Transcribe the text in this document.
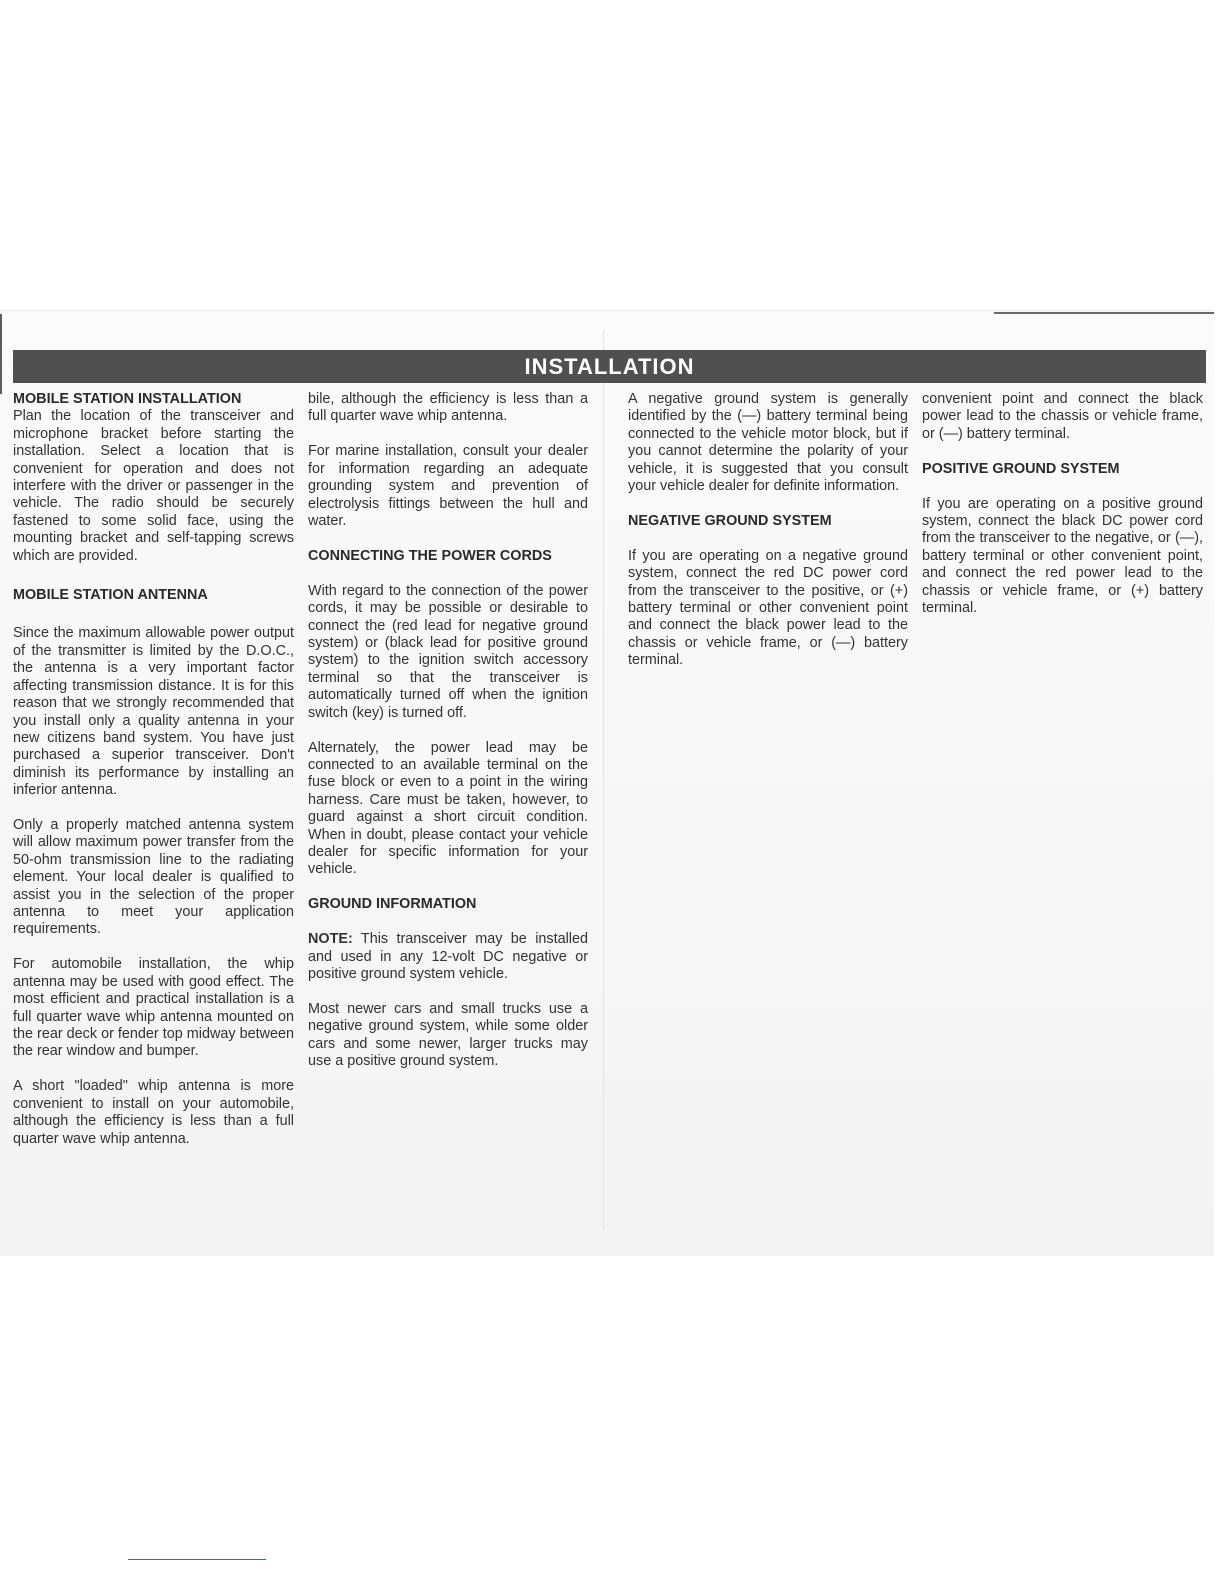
INSTALLATION
MOBILE STATION INSTALLATION

Plan the location of the transceiver and microphone bracket before starting the installation. Select a location that is convenient for operation and does not interfere with the driver or passenger in the vehicle. The radio should be securely fastened to some solid face, using the mounting bracket and self-tapping screws which are provided.

MOBILE STATION ANTENNA

Since the maximum allowable power output of the transmitter is limited by the D.O.C., the antenna is a very important factor affecting transmission distance. It is for this reason that we strongly recommended that you install only a quality antenna in your new citizens band system. You have just purchased a superior transceiver. Don't diminish its performance by installing an inferior antenna.

Only a properly matched antenna system will allow maximum power transfer from the 50-ohm transmission line to the radiating element. Your local dealer is qualified to assist you in the selection of the proper antenna to meet your application requirements.

For automobile installation, the whip antenna may be used with good effect. The most efficient and practical installation is a full quarter wave whip antenna mounted on the rear deck or fender top midway between the rear window and bumper.

A short "loaded" whip antenna is more convenient to install on your automobile, although the efficiency is less than a full quarter wave whip antenna.

bile, although the efficiency is less than a full quarter wave whip antenna.

For marine installation, consult your dealer for information regarding an adequate grounding system and prevention of electrolysis fittings between the hull and water.

CONNECTING THE POWER CORDS

With regard to the connection of the power cords, it may be possible or desirable to connect the (red lead for negative ground system) or (black lead for positive ground system) to the ignition switch accessory terminal so that the transceiver is automatically turned off when the ignition switch (key) is turned off.

Alternately, the power lead may be connected to an available terminal on the fuse block or even to a point in the wiring harness. Care must be taken, however, to guard against a short circuit condition. When in doubt, please contact your vehicle dealer for specific information for your vehicle.

GROUND INFORMATION

NOTE: This transceiver may be installed and used in any 12-volt DC negative or positive ground system vehicle.

Most newer cars and small trucks use a negative ground system, while some older cars and some newer, larger trucks may use a positive ground system.

A negative ground system is generally identified by the (—) battery terminal being connected to the vehicle motor block, but if you cannot determine the polarity of your vehicle, it is suggested that you consult your vehicle dealer for definite information.

NEGATIVE GROUND SYSTEM

If you are operating on a negative ground system, connect the red DC power cord from the transceiver to the positive, or (+) battery terminal or other convenient point and connect the black power lead to the chassis or vehicle frame, or (—) battery terminal.

convenient point and connect the black power lead to the chassis or vehicle frame, or (—) battery terminal.

POSITIVE GROUND SYSTEM

If you are operating on a positive ground system, connect the black DC power cord from the transceiver to the negative, or (—), battery terminal or other convenient point, and connect the red power lead to the chassis or vehicle frame, or (+) battery terminal.
